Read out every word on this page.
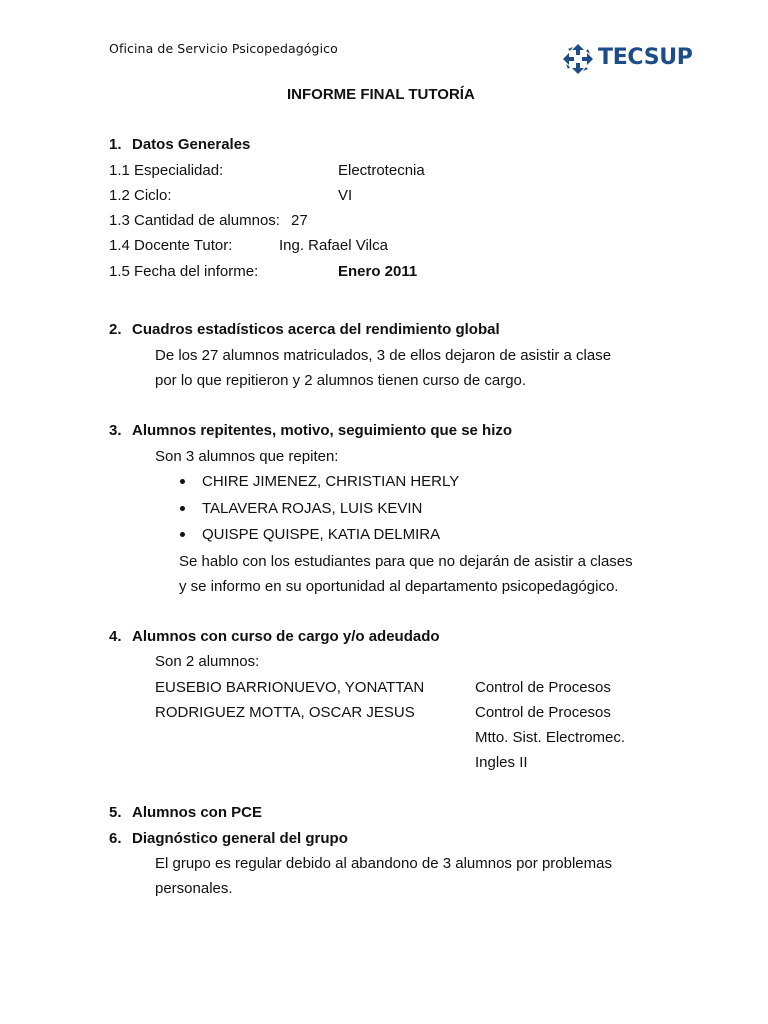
Oficina de Servicio Psicopedagógico	TECSUP
INFORME FINAL TUTORÍA
1. Datos Generales
1.1 Especialidad:	Electrotecnia
1.2 Ciclo:	VI
1.3 Cantidad de alumnos: 27
1.4 Docente Tutor:	Ing. Rafael Vilca
1.5 Fecha del informe:	Enero 2011
2. Cuadros estadísticos acerca del rendimiento global
De los 27 alumnos matriculados, 3 de ellos dejaron de asistir a clase
por lo que repitieron y 2 alumnos tienen curso de cargo.
3. Alumnos repitentes, motivo, seguimiento que se hizo
Son 3 alumnos que repiten:
CHIRE JIMENEZ, CHRISTIAN HERLY
TALAVERA ROJAS, LUIS KEVIN
QUISPE QUISPE, KATIA DELMIRA
Se hablo con los estudiantes para que no dejarán de asistir a clases
y se informo en su oportunidad al departamento psicopedagógico.
4. Alumnos con curso de cargo y/o adeudado
Son 2 alumnos:
EUSEBIO BARRIONUEVO, YONATTAN	Control de Procesos
RODRIGUEZ MOTTA, OSCAR JESUS	Control de Procesos
Mtto. Sist. Electromec.
Ingles II
5. Alumnos con PCE
6. Diagnóstico general del grupo
El grupo es regular debido al abandono de 3 alumnos por problemas
personales.
